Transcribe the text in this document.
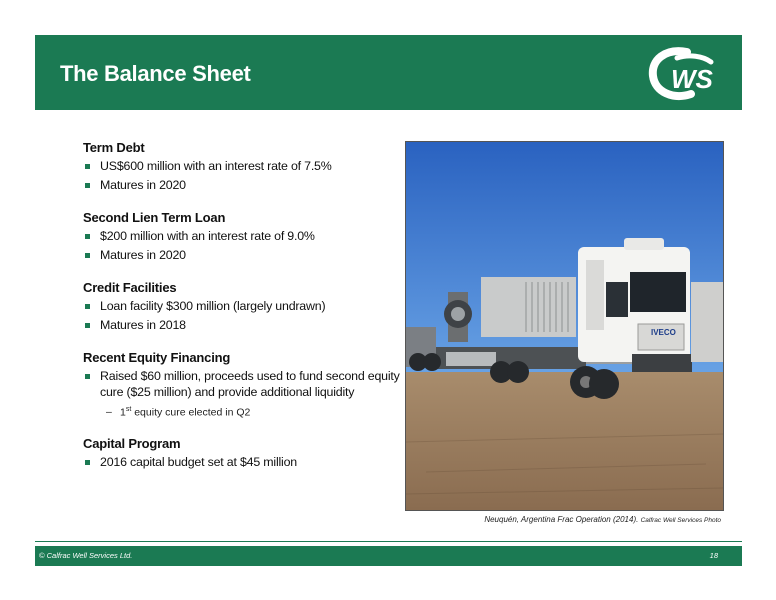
The Balance Sheet	WS
Term Debt
US$600 million with an interest rate of 7.5%
Matures in 2020
Second Lien Term Loan
$200 million with an interest rate of 9.0%
Matures in 2020
Credit Facilities
Loan facility $300 million (largely undrawn)
Matures in 2018
Recent Equity Financing
Raised $60 million, proceeds used to fund second equity cure ($25 million) and provide additional liquidity
– 1st equity cure elected in Q2
Capital Program
2016 capital budget set at $45 million
IVECO
Neuquén, Argentina Frac Operation (2014). Calfrac Well Services Photo
© Calfrac Well Services Ltd.	18
